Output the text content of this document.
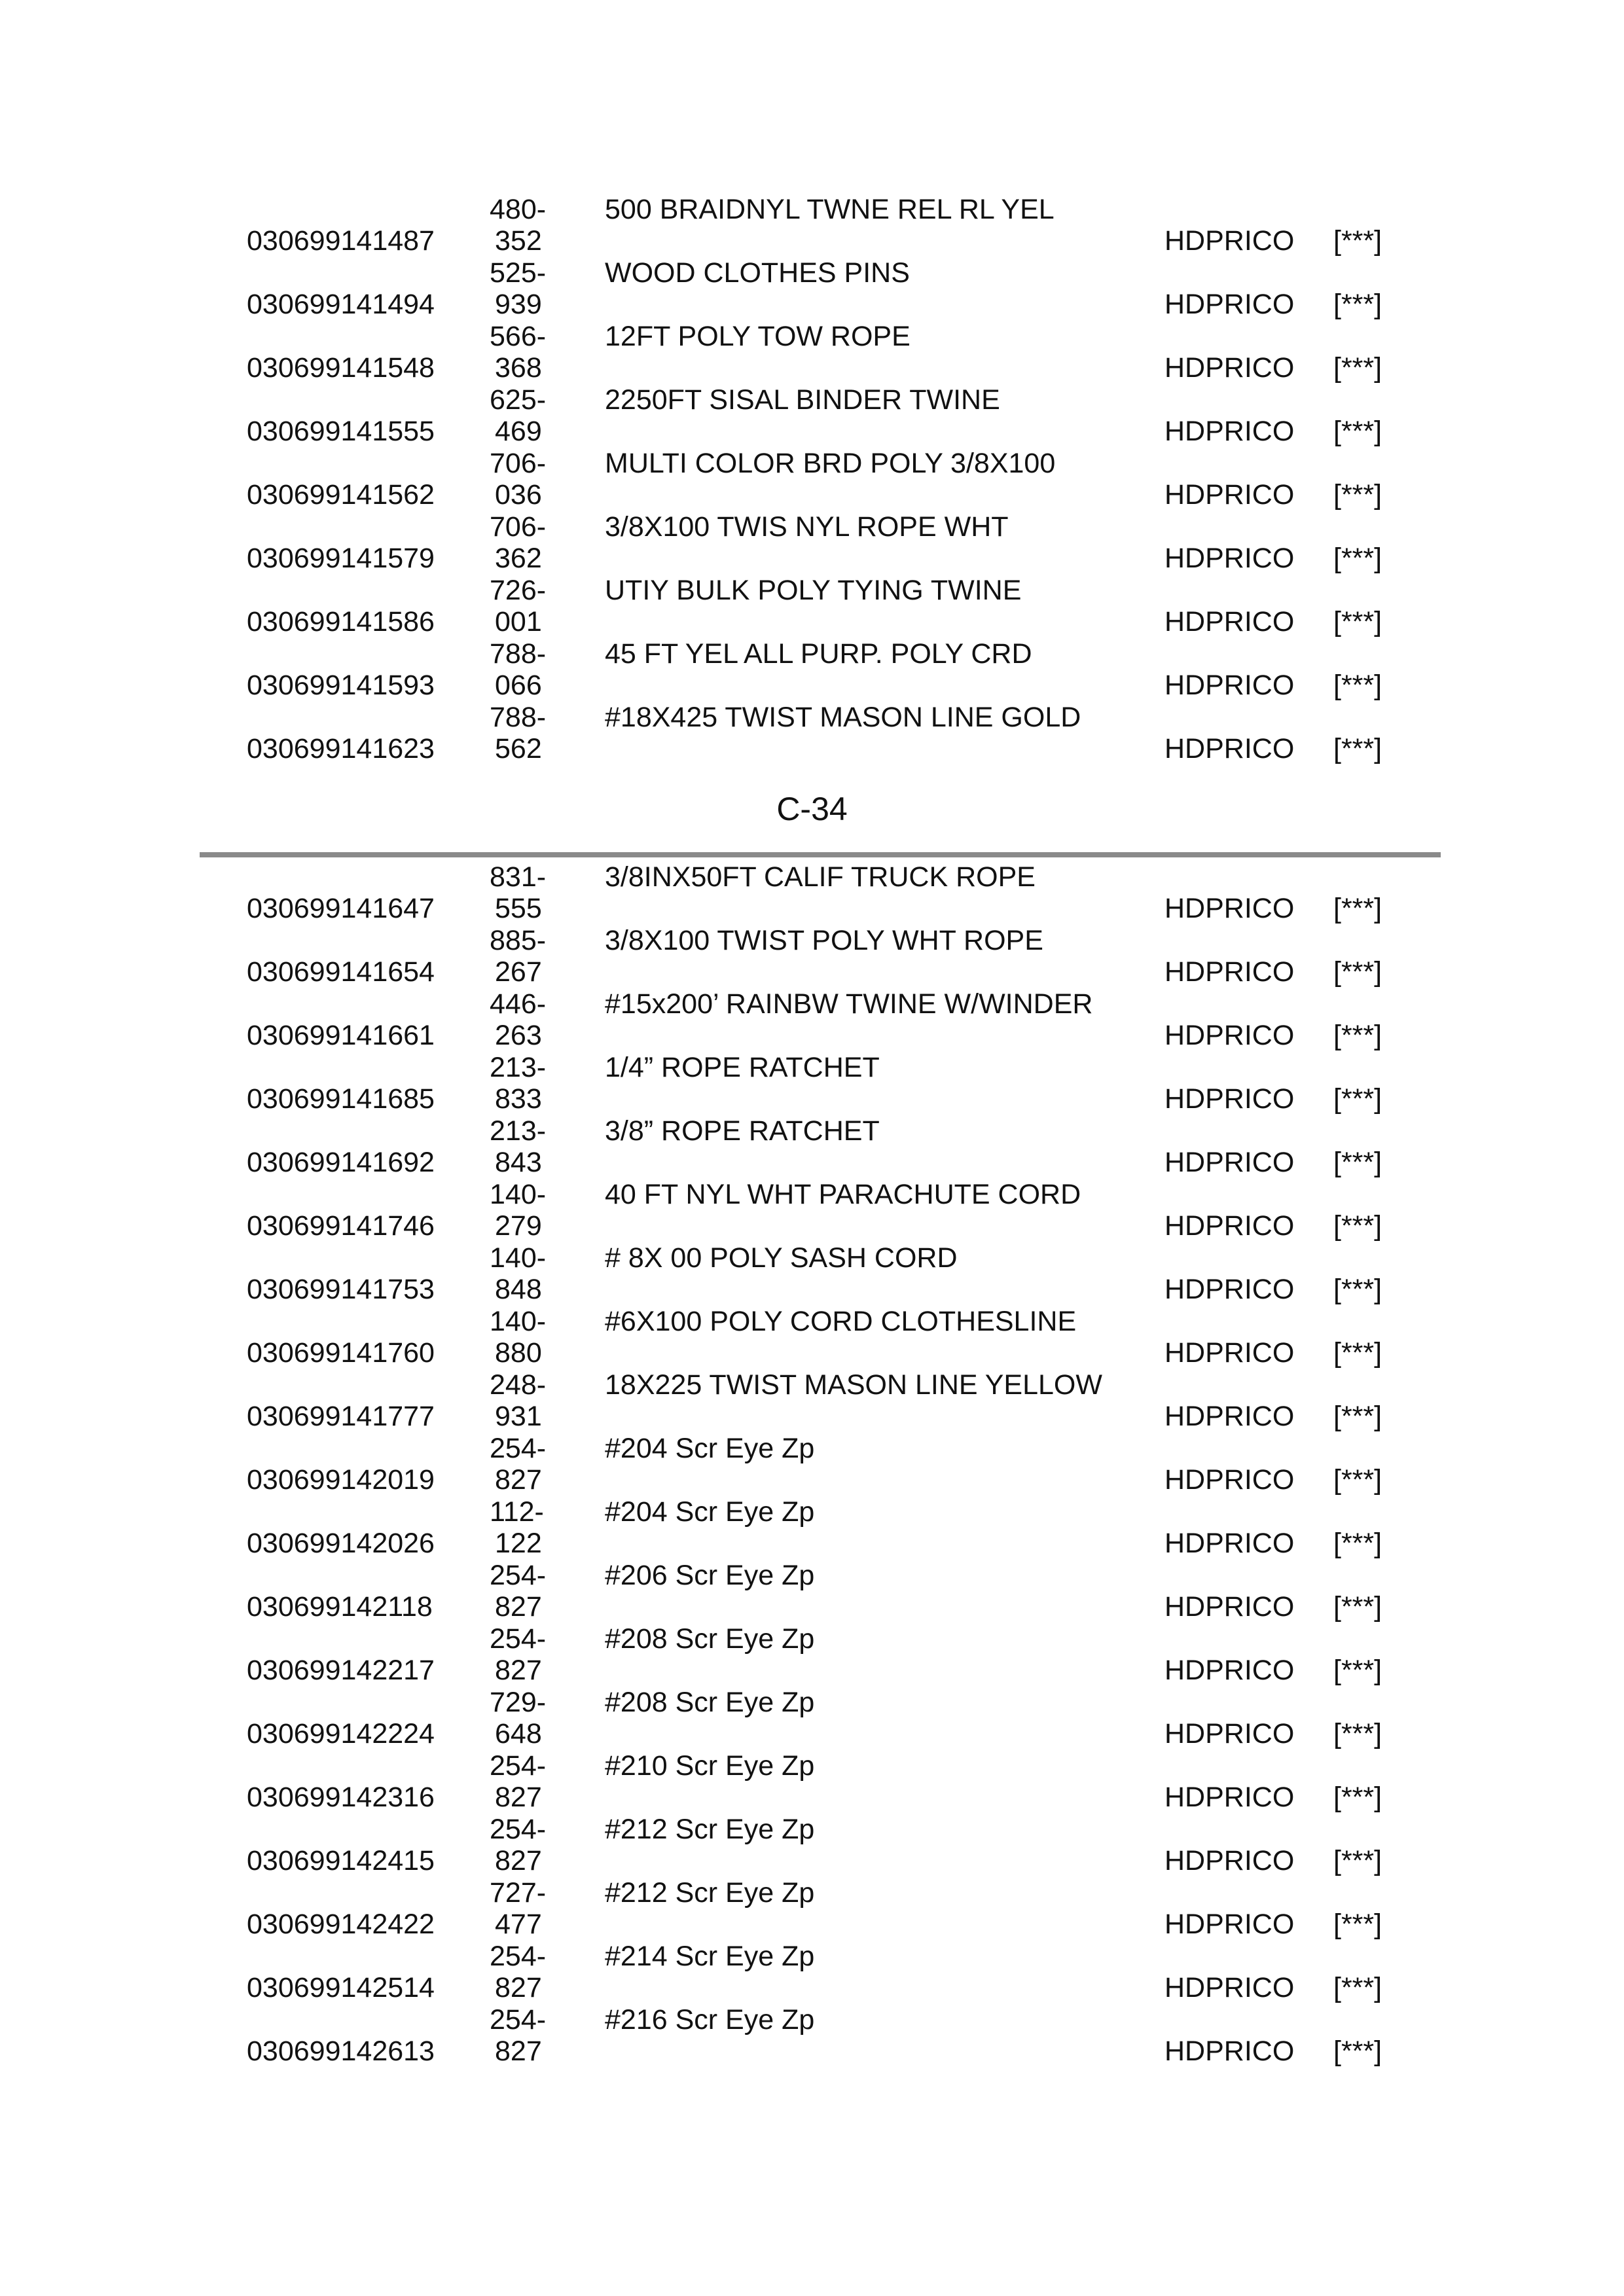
030699141487
480-
352
500 BRAIDNYL TWNE REL RL YEL
HDPRICO [***]
030699141494
525-
939
WOOD CLOTHES PINS
HDPRICO [***]
030699141548
566-
368
12FT POLY TOW ROPE
HDPRICO [***]
030699141555
625-
469
2250FT SISAL BINDER TWINE
HDPRICO [***]
030699141562
706-
036
MULTI COLOR BRD POLY 3/8X100
HDPRICO [***]
030699141579
706-
362
3/8X100 TWIS NYL ROPE WHT
HDPRICO [***]
030699141586
726-
001
UTIY BULK POLY TYING TWINE
HDPRICO [***]
030699141593
788-
066
45 FT YEL ALL PURP. POLY CRD
HDPRICO [***]
030699141623
788-
562
#18X425 TWIST MASON LINE GOLD
HDPRICO [***]
C-34
030699141647
831-
555
3/8INX50FT CALIF TRUCK ROPE
HDPRICO [***]
030699141654
885-
267
3/8X100 TWIST POLY WHT ROPE
HDPRICO [***]
030699141661
446-
263
#15x200’ RAINBW TWINE W/WINDER
HDPRICO [***]
030699141685
213-
833
1/4” ROPE RATCHET
HDPRICO [***]
030699141692
213-
843
3/8” ROPE RATCHET
HDPRICO [***]
030699141746
140-
279
40 FT NYL WHT PARACHUTE CORD
HDPRICO [***]
030699141753
140-
848
# 8X 00 POLY SASH CORD
HDPRICO [***]
030699141760
140-
880
#6X100 POLY CORD CLOTHESLINE
HDPRICO [***]
030699141777
248-
931
18X225 TWIST MASON LINE YELLOW
HDPRICO [***]
030699142019
254-
827
#204 Scr Eye Zp
HDPRICO [***]
030699142026
112-
122
#204 Scr Eye Zp
HDPRICO [***]
030699142118
254-
827
#206 Scr Eye Zp
HDPRICO [***]
030699142217
254-
827
#208 Scr Eye Zp
HDPRICO [***]
030699142224
729-
648
#208 Scr Eye Zp
HDPRICO [***]
030699142316
254-
827
#210 Scr Eye Zp
HDPRICO [***]
030699142415
254-
827
#212 Scr Eye Zp
HDPRICO [***]
030699142422
727-
477
#212 Scr Eye Zp
HDPRICO [***]
030699142514
254-
827
#214 Scr Eye Zp
HDPRICO [***]
030699142613
254-
827
#216 Scr Eye Zp
HDPRICO [***]
